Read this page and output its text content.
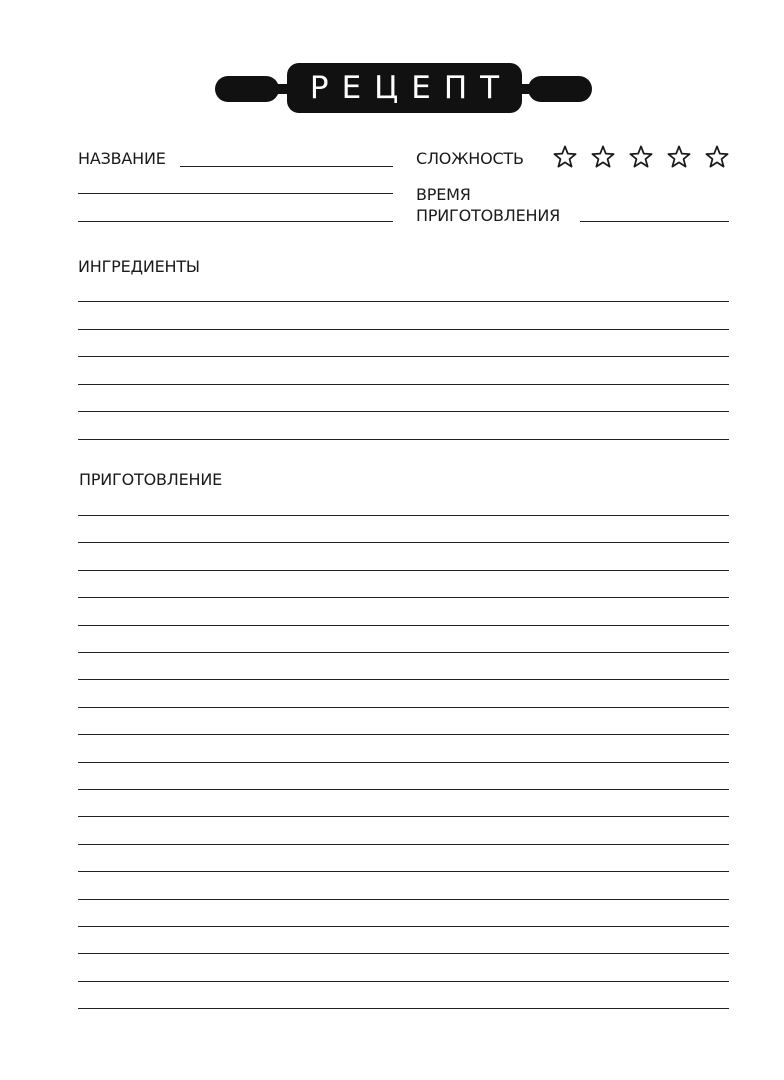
РЕЦЕПТ
НАЗВАНИЕ	СЛОЖНОСТЬ
ВРЕМЯ
ПРИГОТОВЛЕНИЯ
ИНГРЕДИЕНТЫ
ПРИГОТОВЛЕНИЕ
